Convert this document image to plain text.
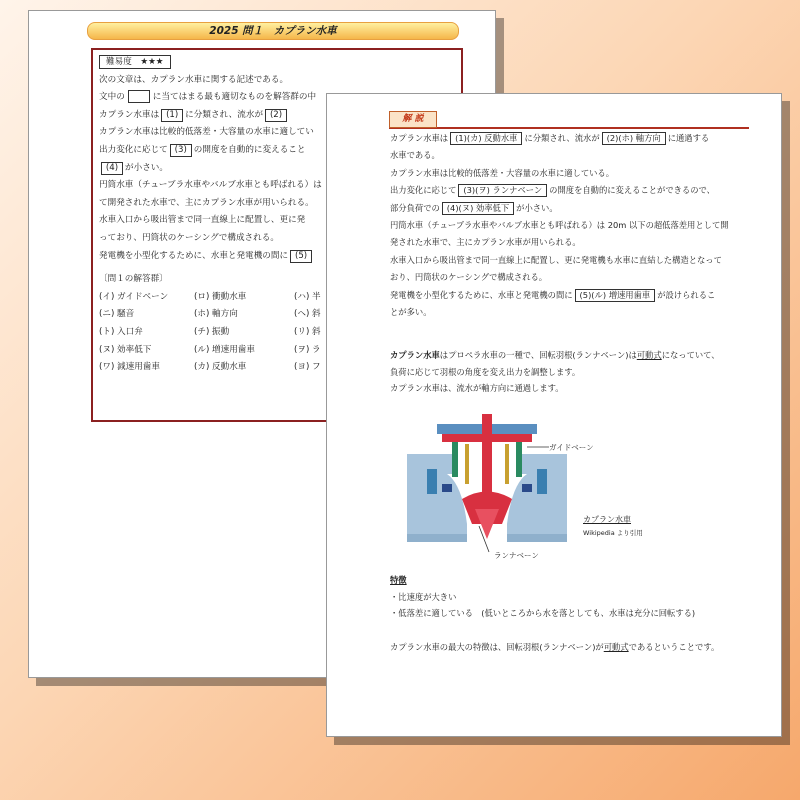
2025 問１　カプラン水車
難易度　★★★
次の文章は、カプラン水車に関する記述である。
文中の	に当てはまる最も適切なものを解答群の中
カプラン水車は (1) に分類され、流水が (2)
カプラン水車は比較的低落差・大容量の水車に適してい
出力変化に応じて (3) の開度を自動的に変えること
(4) が小さい。
円筒水車（チューブラ水車やバルブ水車とも呼ばれる）は
て開発された水車で、主にカプラン水車が用いられる。
水車入口から吸出管まで同一直線上に配置し、更に発
っており、円筒状のケーシングで構成される。
発電機を小型化するために、水車と発電機の間に (5)
〔問１の解答群〕
(イ) ガイドベーン	(ロ) 衝動水車	(ハ) 半
(ニ) 騒音	(ホ) 軸方向	(ヘ) 斜
(ト) 入口弁	(チ) 振動	(リ) 斜
(ヌ) 効率低下	(ル) 増速用歯車	(ヲ) ラ
(ワ) 減速用歯車	(カ) 反動水車	(ヨ) フ
解 説
カプラン水車は (1)(カ) 反動水車 に分類され、流水が (2)(ホ) 軸方向 に通過する
水車である。
カプラン水車は比較的低落差・大容量の水車に適している。
出力変化に応じて (3)(ヲ) ランナベーン の開度を自動的に変えることができるので、
部分負荷での (4)(ヌ) 効率低下 が小さい。
円筒水車（チューブラ水車やバルブ水車とも呼ばれる）は 20m 以下の超低落差用として開
発された水車で、主にカプラン水車が用いられる。
水車入口から吸出管まで同一直線上に配置し、更に発電機も水車に直結した構造となって
おり、円筒状のケーシングで構成される。
発電機を小型化するために、水車と発電機の間に (5)(ル) 増速用歯車 が設けられるこ
とが多い。
カプラン水車はプロペラ水車の一種で、回転羽根(ランナベーン)は可動式になっていて、
負荷に応じて羽根の角度を変え出力を調整します。
カプラン水車は、流水が軸方向に通過します。
ガイドベーン
ランナベーン
カプラン水車
Wikipedia より引用
特徴
・比速度が大きい
・低落差に適している　(低いところから水を落としても、水車は充分に回転する)
カプラン水車の最大の特徴は、回転羽根(ランナベーン)が可動式であるということです。
